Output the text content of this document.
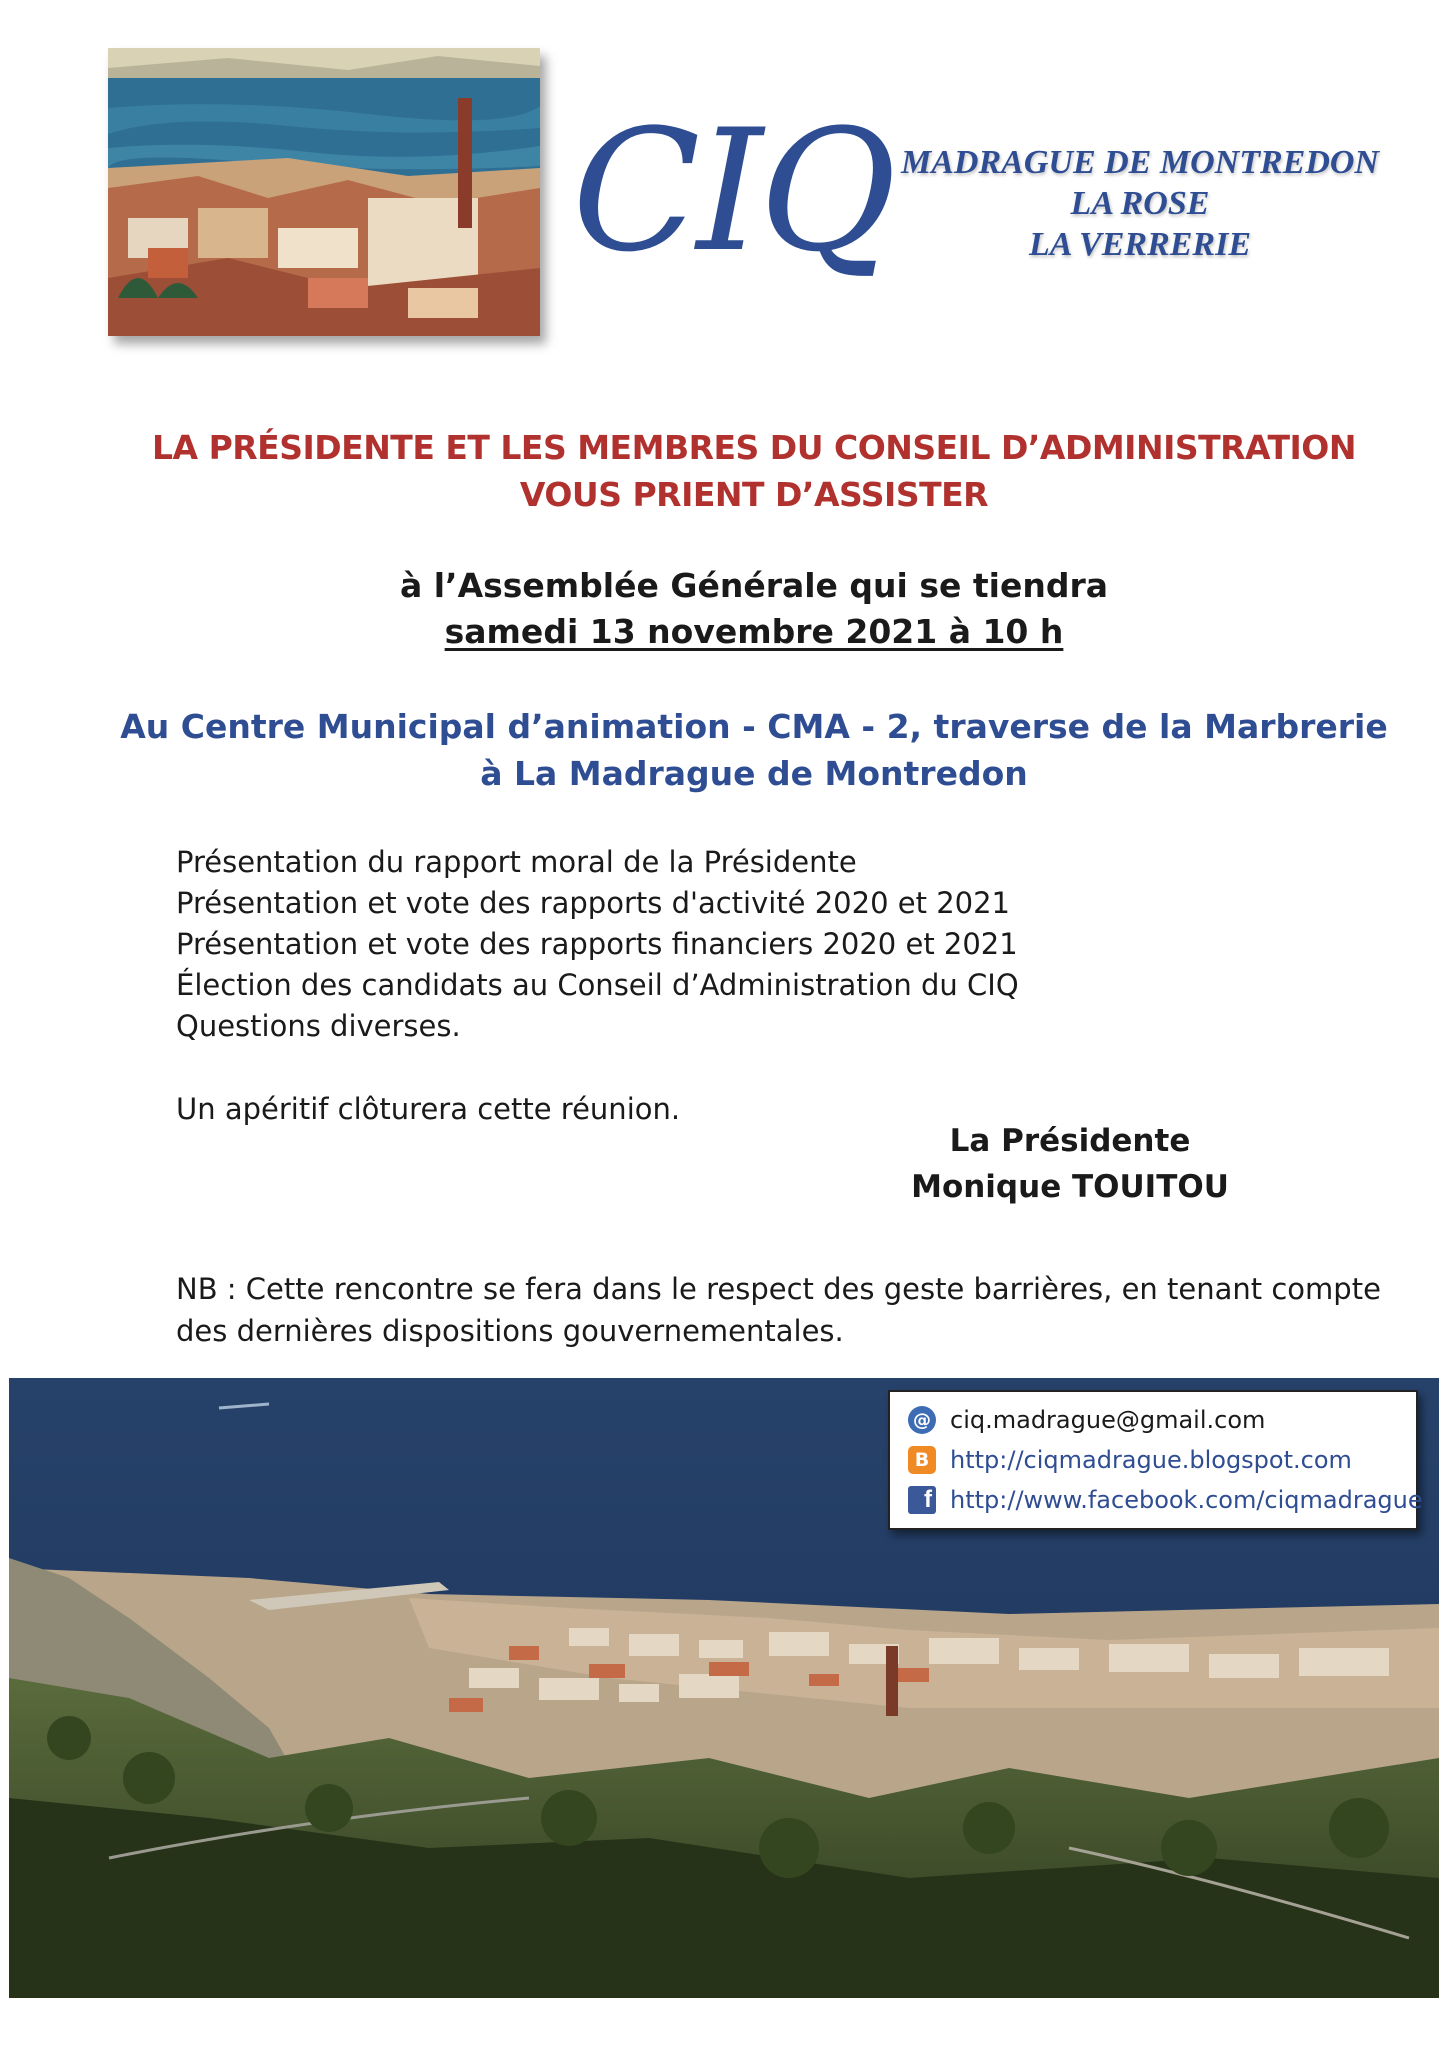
CIQ MADRAGUE DE MONTREDON
LA ROSE
LA VERRERIE
LA PRÉSIDENTE ET LES MEMBRES DU CONSEIL D’ADMINISTRATION
VOUS PRIENT D’ASSISTER
à l’Assemblée Générale qui se tiendra
samedi 13 novembre 2021 à 10 h
Au Centre Municipal d’animation - CMA - 2, traverse de la Marbrerie
à La Madrague de Montredon
Présentation du rapport moral de la Présidente
Présentation et vote des rapports d'activité 2020 et 2021
Présentation et vote des rapports financiers 2020 et 2021
Élection des candidats au Conseil d’Administration du CIQ
Questions diverses.
Un apéritif clôturera cette réunion.
La Présidente
Monique TOUITOU
NB : Cette rencontre se fera dans le respect des geste barrières, en tenant compte
des dernières dispositions gouvernementales.
@ ciq.madrague@gmail.com
B http://ciqmadrague.blogspot.com
f http://www.facebook.com/ciqmadrague
